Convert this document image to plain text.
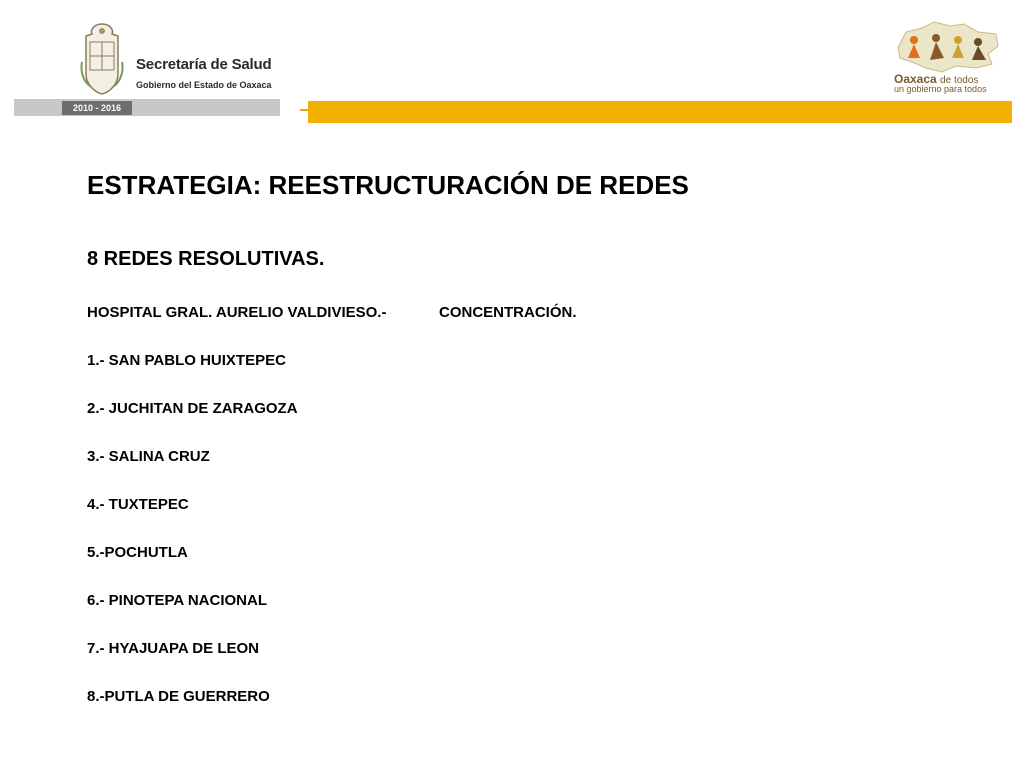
Secretaría de Salud
Gobierno del Estado de Oaxaca
2010 - 2016
Oaxaca de todos
un gobierno para todos
ESTRATEGIA: REESTRUCTURACIÓN DE REDES
8 REDES RESOLUTIVAS.
HOSPITAL GRAL. AURELIO VALDIVIESO.-	CONCENTRACIÓN.
1.- SAN PABLO HUIXTEPEC
2.- JUCHITAN DE ZARAGOZA
3.- SALINA CRUZ
4.- TUXTEPEC
5.-POCHUTLA
6.- PINOTEPA NACIONAL
7.- HYAJUAPA DE LEON
8.-PUTLA DE GUERRERO
